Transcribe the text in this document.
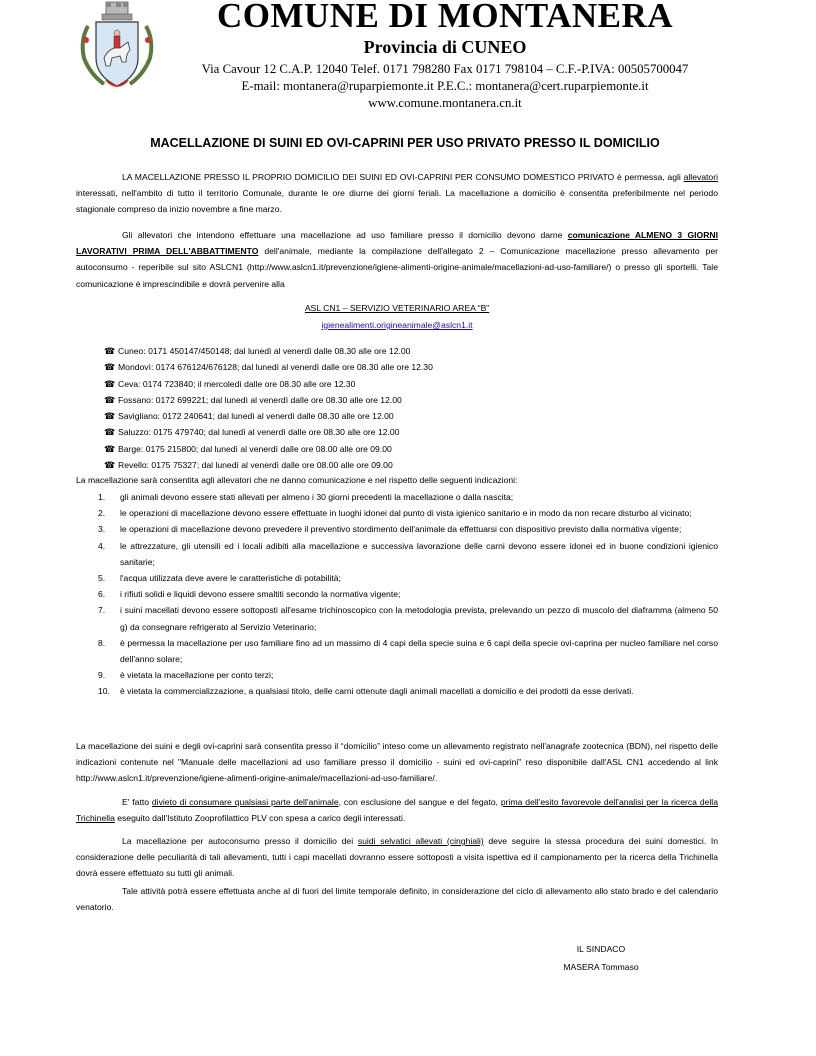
COMUNE DI MONTANERA
Provincia di CUNEO
Via Cavour 12 C.A.P. 12040 Telef. 0171 798280 Fax 0171 798104 – C.F.-P.IVA: 00505700047
E-mail: montanera@ruparpiemonte.it P.E.C.: montanera@cert.ruparpiemonte.it
www.comune.montanera.cn.it
MACELLAZIONE DI SUINI ED OVI-CAPRINI PER USO PRIVATO PRESSO IL DOMICILIO
LA MACELLAZIONE PRESSO IL PROPRIO DOMICILIO DEI SUINI ED OVI-CAPRINI PER CONSUMO DOMESTICO PRIVATO è permessa, agli allevatori interessati, nell'ambito di tutto il territorio Comunale, durante le ore diurne dei giorni feriali. La macellazione a domicilio è consentita preferibilmente nel periodo stagionale compreso da inizio novembre a fine marzo.
Gli allevatori che intendono effettuare una macellazione ad uso familiare presso il domicilio devono darne comunicazione ALMENO 3 GIORNI LAVORATIVI PRIMA DELL'ABBATTIMENTO dell'animale, mediante la compilazione dell'allegato 2 – Comunicazione macellazione presso allevamento per autoconsumo - reperibile sul sito ASLCN1 (http://www.aslcn1.it/prevenzione/igiene-alimenti-origine-animale/macellazioni-ad-uso-familiare/) o presso gli sportelli. Tale comunicazione è imprescindibile e dovrà pervenire alla
ASL CN1 – SERVIZIO VETERINARIO AREA “B”
igienealimenti.origineanimale@aslcn1.it
☎ Cuneo: 0171 450147/450148; dal lunedì al venerdì dalle 08.30 alle ore 12.00
☎ Mondovì: 0174 676124/676128; dal lunedì al venerdì dalle ore 08.30 alle ore 12.30
☎ Ceva: 0174 723840; il mercoledì dalle ore 08.30 alle ore 12.30
☎ Fossano: 0172 699221; dal lunedì al venerdì dalle ore 08.30 alle ore 12.00
☎ Savigliano: 0172 240641; dal lunedì al venerdì dalle 08.30 alle ore 12.00
☎ Saluzzo: 0175 479740; dal lunedì al venerdì dalle ore 08.30 alle ore 12.00
☎ Barge: 0175 215800; dal lunedì al venerdì dalle ore 08.00 alle ore 09.00
☎ Revello: 0175 75327; dal lunedì al venerdì dalle ore 08.00 alle ore 09.00
La macellazione sarà consentita agli allevatori che ne danno comunicazione e nel rispetto delle seguenti indicazioni:
1. gli animali devono essere stati allevati per almeno i 30 giorni precedenti la macellazione o dalla nascita;
2. le operazioni di macellazione devono essere effettuate in luoghi idonei dal punto di vista igienico sanitario e in modo da non recare disturbo al vicinato;
3. le operazioni di macellazione devono prevedere il preventivo stordimento dell'animale da effettuarsi con dispositivo previsto dalla normativa vigente;
4. le attrezzature, gli utensili ed i locali adibiti alla macellazione e successiva lavorazione delle carni devono essere idonei ed in buone condizioni igienico sanitarie;
5. l'acqua utilizzata deve avere le caratteristiche di potabilità;
6. i rifiuti solidi e liquidi devono essere smaltiti secondo la normativa vigente;
7. i suini macellati devono essere sottoposti all'esame trichinoscopico con la metodologia prevista, prelevando un pezzo di muscolo del diaframma (almeno 50 g) da consegnare refrigerato al Servizio Veterinario;
8. è permessa la macellazione per uso familiare fino ad un massimo di 4 capi della specie suina e 6 capi della specie ovi-caprina per nucleo familiare nel corso dell'anno solare;
9. è vietata la macellazione per conto terzi;
10. è vietata la commercializzazione, a qualsiasi titolo, delle carni ottenute dagli animali macellati a domicilio e dei prodotti da esse derivati.
La macellazione dei suini e degli ovi-caprini sarà consentita presso il “domicilio” inteso come un allevamento registrato nell'anagrafe zootecnica (BDN), nel rispetto delle indicazioni contenute nel "Manuale delle macellazioni ad uso familiare presso il domicilio - suini ed ovi-caprini" reso disponibile dall'ASL CN1 accedendo al link http://www.aslcn1.it/prevenzione/igiene-alimenti-origine-animale/macellazioni-ad-uso-familiare/.
E' fatto divieto di consumare qualsiasi parte dell'animale, con esclusione del sangue e del fegato, prima dell'esito favorevole dell'analisi per la ricerca della Trichinella eseguito dall'Istituto Zooprofilattico PLV con spesa a carico degli interessati.
La macellazione per autoconsumo presso il domicilio dei suidi selvatici allevati (cinghiali) deve seguire la stessa procedura dei suini domestici. In considerazione delle peculiarità di tali allevamenti, tutti i capi macellati dovranno essere sottoposti a visita ispettiva ed il campionamento per la ricerca della Trichinella dovrà essere effettuato su tutti gli animali.
Tale attività potrà essere effettuata anche al di fuori del limite temporale definito, in considerazione del ciclo di allevamento allo stato brado e del calendario venatorio.
IL SINDACO
MASERA Tommaso
